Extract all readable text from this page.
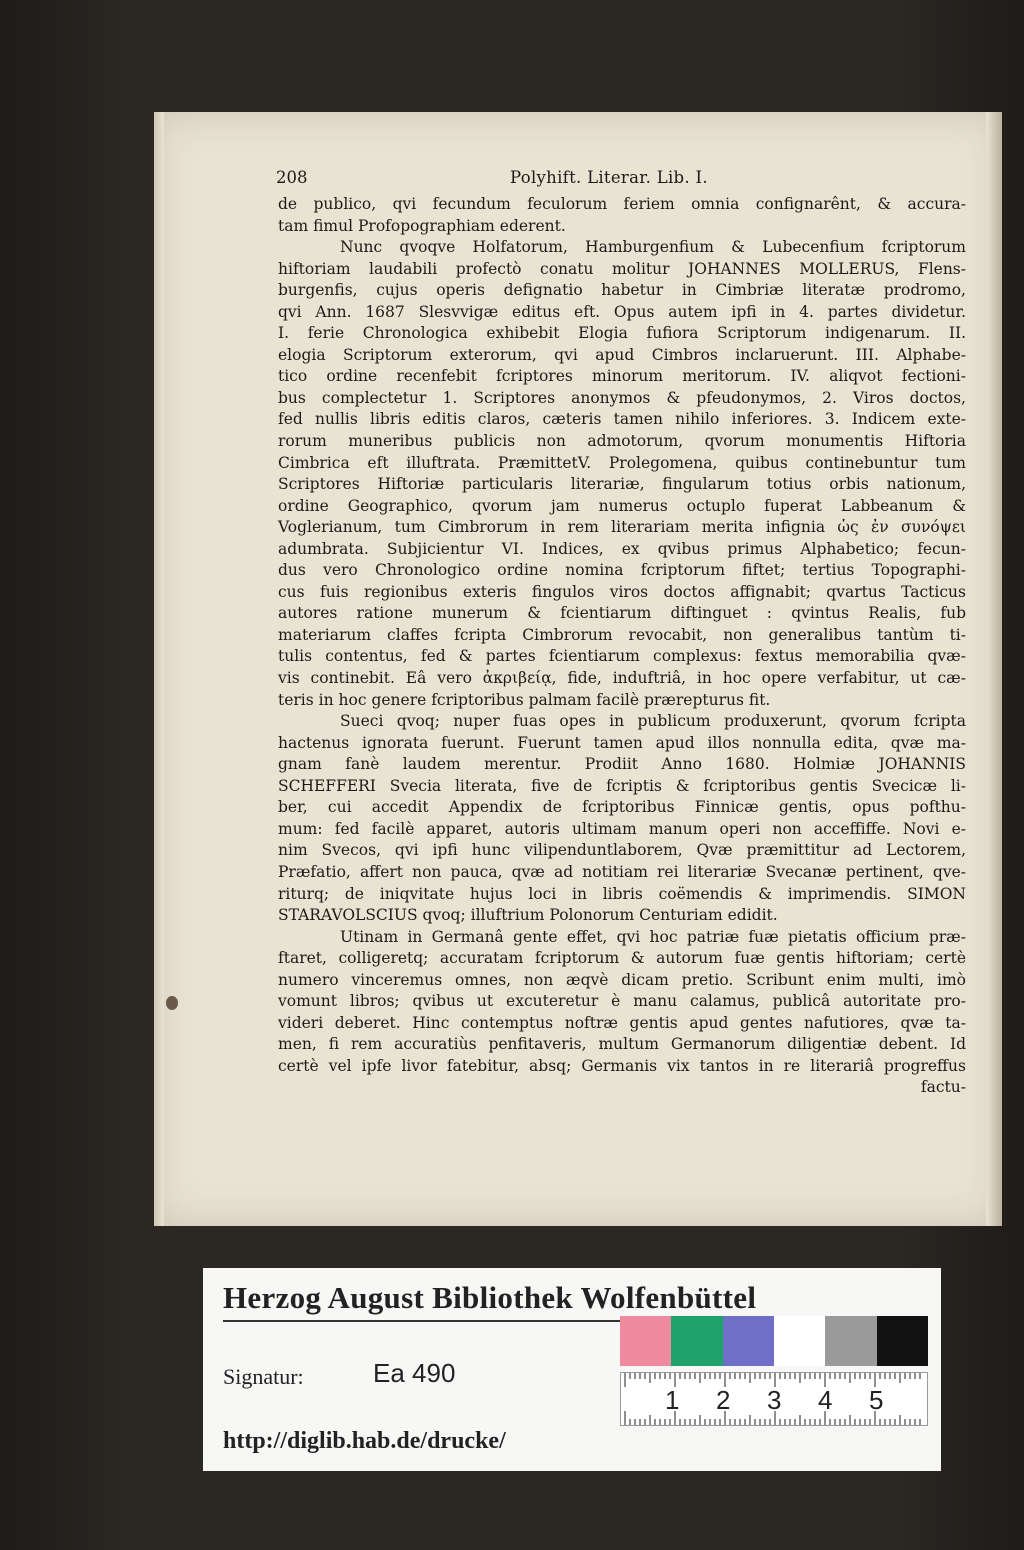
208	Polyhift. Literar. Lib. I.
de publico, qvi fecundum feculorum feriem omnia confignarênt, & accura-
tam fimul Profopographiam ederent.
Nunc qvoqve Holfatorum, Hamburgenfium & Lubecenfium fcriptorum
hiftoriam laudabili profectò conatu molitur JOHANNES MOLLERUS, Flens-
burgenfis, cujus operis defignatio habetur in Cimbriæ literatæ prodromo,
qvi Ann. 1687 Slesvvigæ editus eft. Opus autem ipfi in 4. partes dividetur.
I. ferie Chronologica exhibebit Elogia fufiora Scriptorum indigenarum. II.
elogia Scriptorum exterorum, qvi apud Cimbros inclaruerunt. III. Alphabe-
tico ordine recenfebit fcriptores minorum meritorum. IV. aliqvot fectioni-
bus complectetur 1. Scriptores anonymos & pfeudonymos, 2. Viros doctos,
fed nullis libris editis claros, cæteris tamen nihilo inferiores. 3. Indicem exte-
rorum muneribus publicis non admotorum, qvorum monumentis Hiftoria
Cimbrica eft illuftrata. PræmittetV. Prolegomena, quibus continebuntur tum
Scriptores Hiftoriæ particularis literariæ, fingularum totius orbis nationum,
ordine Geographico, qvorum jam numerus octuplo fuperat Labbeanum &
Voglerianum, tum Cimbrorum in rem literariam merita infignia ὡς ἐν συνόψει
adumbrata. Subjicientur VI. Indices, ex qvibus primus Alphabetico; fecun-
dus vero Chronologico ordine nomina fcriptorum fiftet; tertius Topographi-
cus fuis regionibus exteris fingulos viros doctos affignabit; qvartus Tacticus
autores ratione munerum & fcientiarum diftinguet : qvintus Realis, fub
materiarum claffes fcripta Cimbrorum revocabit, non generalibus tantùm ti-
tulis contentus, fed & partes fcientiarum complexus: fextus memorabilia qvæ-
vis continebit. Eâ vero ἀκριβείᾳ, fide, induftriâ, in hoc opere verfabitur, ut cæ-
teris in hoc genere fcriptoribus palmam facilè prærepturus fit.
Sueci qvoq; nuper fuas opes in publicum produxerunt, qvorum fcripta
hactenus ignorata fuerunt. Fuerunt tamen apud illos nonnulla edita, qvæ ma-
gnam fanè laudem merentur. Prodiit Anno 1680. Holmiæ JOHANNIS
SCHEFFERI Svecia literata, five de fcriptis & fcriptoribus gentis Svecicæ li-
ber, cui accedit Appendix de fcriptoribus Finnicæ gentis, opus pofthu-
mum: fed facilè apparet, autoris ultimam manum operi non acceffiffe. Novi e-
nim Svecos, qvi ipfi hunc vilipenduntlaborem, Qvæ præmittitur ad Lectorem,
Præfatio, affert non pauca, qvæ ad notitiam rei literariæ Svecanæ pertinent, qve-
riturq; de iniqvitate hujus loci in libris coëmendis & imprimendis. SIMON
STARAVOLSCIUS qvoq; illuftrium Polonorum Centuriam edidit.
Utinam in Germanâ gente effet, qvi hoc patriæ fuæ pietatis officium præ-
ftaret, colligeretq; accuratam fcriptorum & autorum fuæ gentis hiftoriam; certè
numero vinceremus omnes, non æqvè dicam pretio. Scribunt enim multi, imò
vomunt libros; qvibus ut excuteretur è manu calamus, publicâ autoritate pro-
videri deberet. Hinc contemptus noftræ gentis apud gentes nafutiores, qvæ ta-
men, fi rem accuratiùs penfitaveris, multum Germanorum diligentiæ debent. Id
certè vel ipfe livor fatebitur, absq; Germanis vix tantos in re literariâ progreffus
factu-
Herzog August Bibliothek Wolfenbüttel
Signatur:	Ea 490
http://diglib.hab.de/drucke/
1 2 3 4 5
